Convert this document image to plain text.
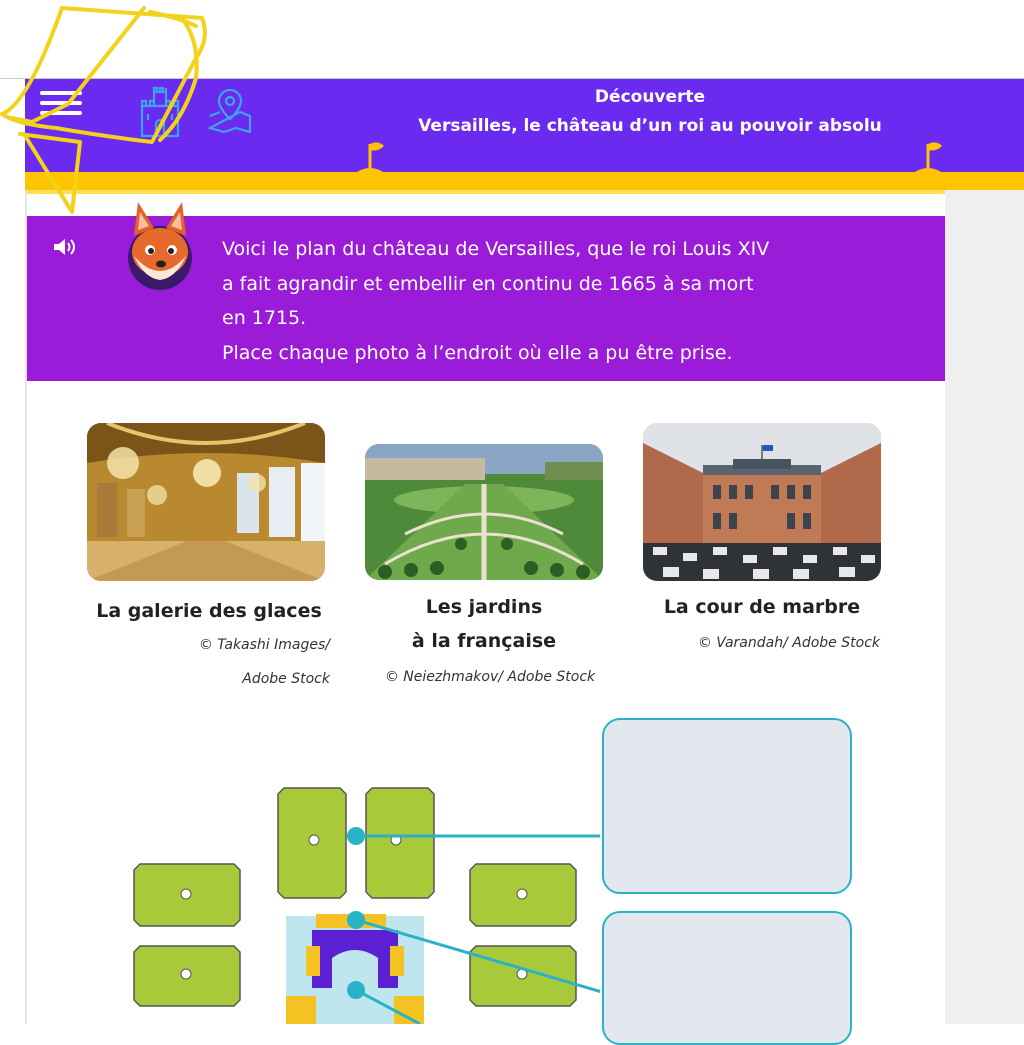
Découverte
Versailles, le château d’un roi au pouvoir absolu
Voici le plan du château de Versailles, que le roi Louis XIV
a fait agrandir et embellir en continu de 1665 à sa mort
en 1715.
Place chaque photo à l’endroit où elle a pu être prise.
La galerie des glaces
© Takashi Images/
Adobe Stock
Les jardins
à la française
© Neiezhmakov/ Adobe Stock
La cour de marbre
© Varandah/ Adobe Stock
